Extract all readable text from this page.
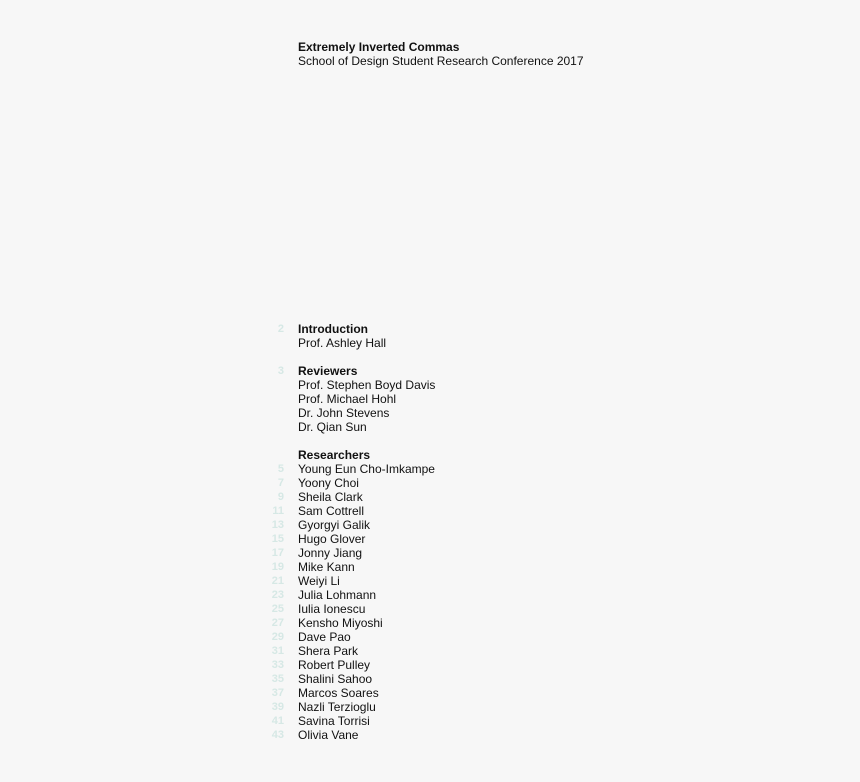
Extremely Inverted Commas
School of Design Student Research Conference 2017
2 Introduction
Prof. Ashley Hall
3 Reviewers
Prof. Stephen Boyd Davis
Prof. Michael Hohl
Dr. John Stevens
Dr. Qian Sun
Researchers
5 Young Eun Cho-Imkampe
7 Yoony Choi
9 Sheila Clark
11 Sam Cottrell
13 Gyorgyi Galik
15 Hugo Glover
17 Jonny Jiang
19 Mike Kann
21 Weiyi Li
23 Julia Lohmann
25 Iulia Ionescu
27 Kensho Miyoshi
29 Dave Pao
31 Shera Park
33 Robert Pulley
35 Shalini Sahoo
37 Marcos Soares
39 Nazli Terzioglu
41 Savina Torrisi
43 Olivia Vane
